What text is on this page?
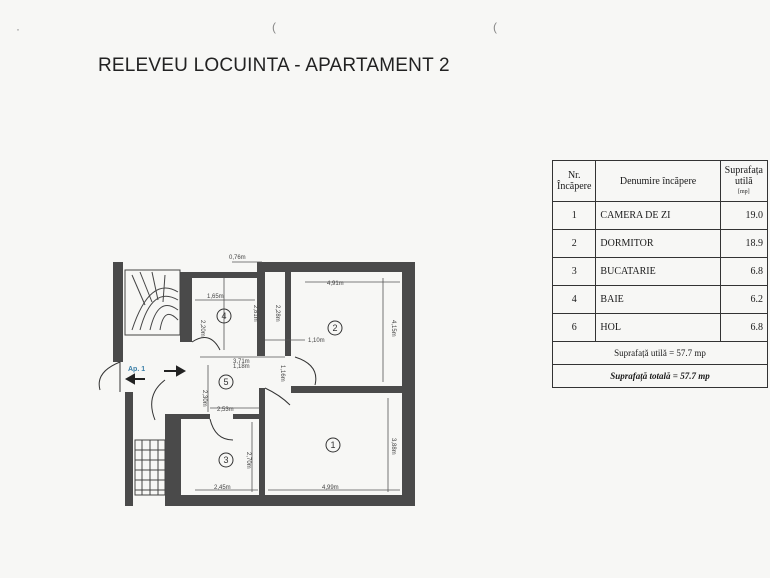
RELEVEU LOCUINTA - APARTAMENT 2
·	(	(
1
2
3
4
5
0,76m
1,65m
2,20m
2,81m	2,28m
4,91m
4,15m
1,10m
3,71m
1,18m	1,16m
2,30m
2,53m
2,70m
2,45m	4,99m
3,88m
Ap. 1
Nr. Încăpere	Denumire încăpere	Suprafața utilă
[mp]

1	CAMERA DE ZI	19.0
2	DORMITOR	18.9
3	BUCATARIE	6.8
4	BAIE	6.2
6	HOL	6.8
Suprafață utilă = 57.7 mp		
Suprafață totală = 57.7 mp		
